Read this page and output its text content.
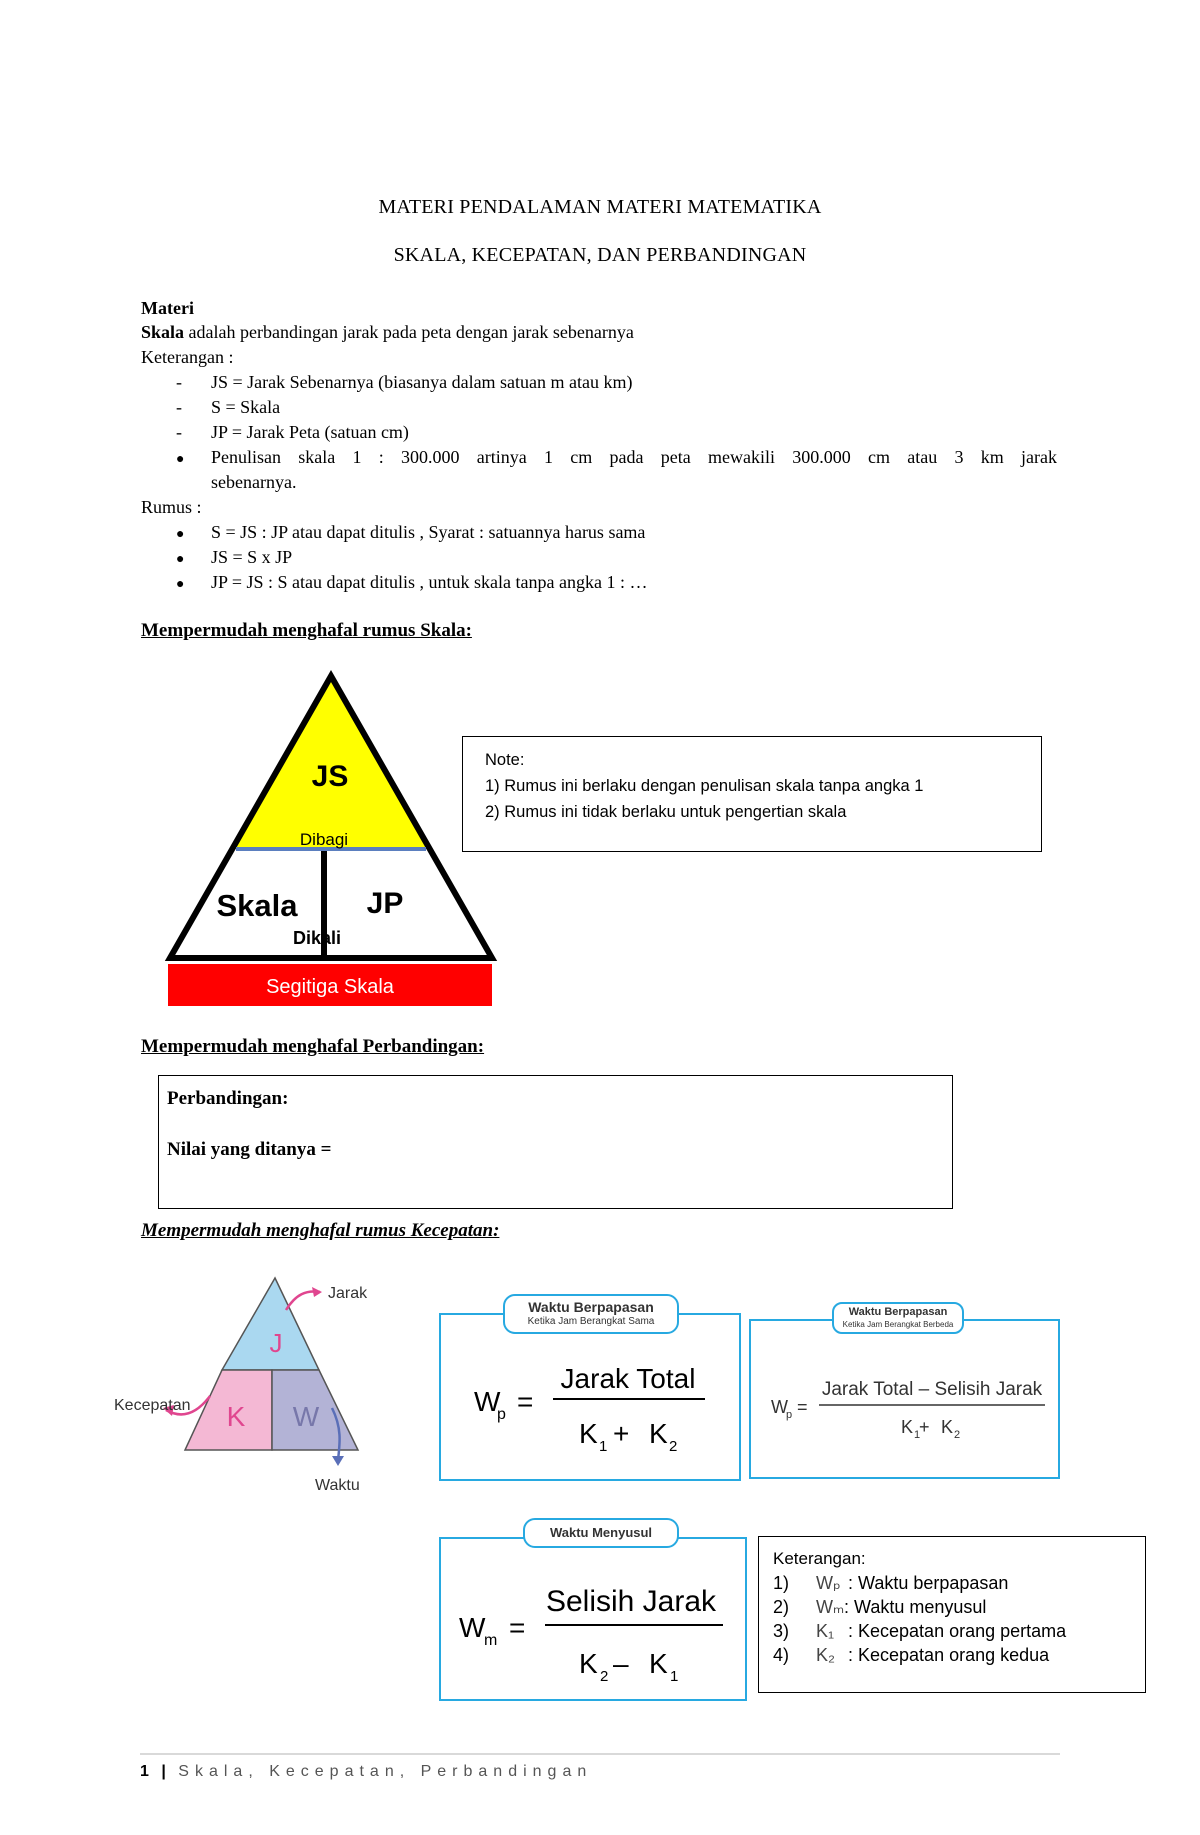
MATERI PENDALAMAN MATERI MATEMATIKA
SKALA, KECEPATAN, DAN PERBANDINGAN
Materi
Skala adalah perbandingan jarak pada peta dengan jarak sebenarnya
Keterangan :
- JS = Jarak Sebenarnya (biasanya dalam satuan m atau km)
- S = Skala
- JP = Jarak Peta (satuan cm)
● Penulisan skala 1 : 300.000 artinya 1 cm pada peta mewakili 300.000 cm atau 3 km jarak
sebenarnya.
Rumus :
● S = JS : JP atau dapat ditulis , Syarat : satuannya harus sama
● JS = S x JP
● JP = JS : S atau dapat ditulis , untuk skala tanpa angka 1 : …
Mempermudah menghafal rumus Skala:
JS
Dibagi
Skala JP
Dikali
Segitiga Skala
Note:
1) Rumus ini berlaku dengan penulisan skala tanpa angka 1
2) Rumus ini tidak berlaku untuk pengertian skala
Mempermudah menghafal Perbandingan:
Perbandingan:
Nilai yang ditanya =
Mempermudah menghafal rumus Kecepatan:
J
K W
Jarak
Kecepatan
Waktu
W
p =
Jarak Total
K 1 + K 2
Waktu Berpapasan
Ketika Jam Berangkat Sama
W
p =
Jarak Total – Selisih Jarak
K 1
+ K 2
Waktu Berpapasan
Ketika Jam Berangkat Berbeda
W
m =
Selisih Jarak
K 2 – K 1
Waktu Menyusul
Keterangan:
1) Wₚ : Waktu berpapasan
2) Wₘ: Waktu menyusul
3) K₁ : Kecepatan orang pertama
4) K₂ : Kecepatan orang kedua
1 | Skala, Kecepatan, Perbandingan
